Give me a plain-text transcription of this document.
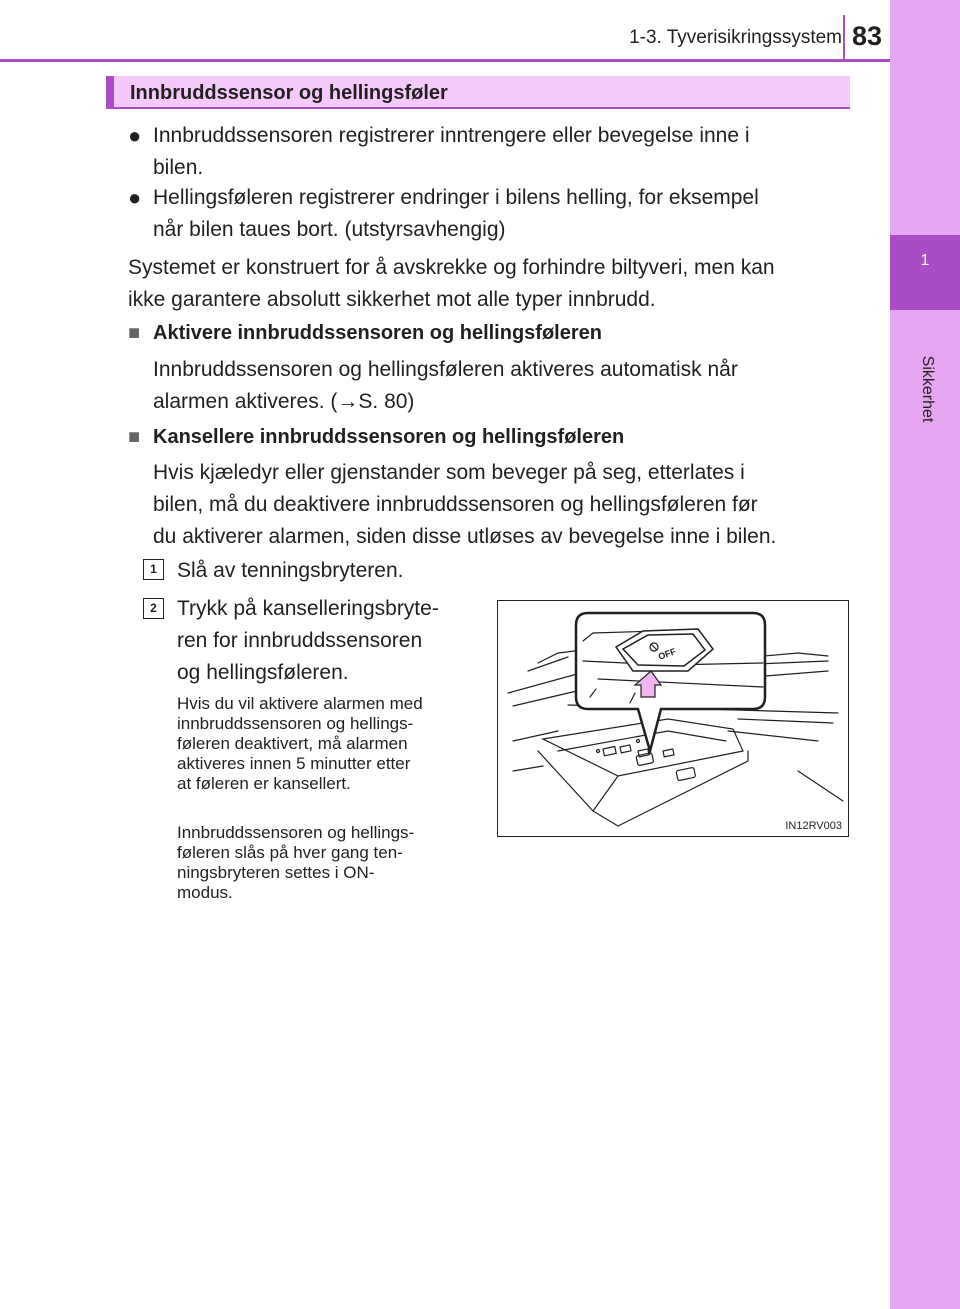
1
Sikkerhet
1-3. Tyverisikringssystem 83
Innbruddssensor og hellingsføler
● Innbruddssensoren registrerer inntrengere eller bevegelse inne i
bilen.

● Hellingsføleren registrerer endringer i bilens helling, for eksempel
når bilen taues bort. (utstyrsavhengig)

Systemet er konstruert for å avskrekke og forhindre biltyveri, men kan
ikke garantere absolutt sikkerhet mot alle typer innbrudd.

■ Aktivere innbruddssensoren og hellingsføleren

Innbruddssensoren og hellingsføleren aktiveres automatisk når
alarmen aktiveres. (→S. 80)

■ Kansellere innbruddssensoren og hellingsføleren

Hvis kjæledyr eller gjenstander som beveger på seg, etterlates i
bilen, må du deaktivere innbruddssensoren og hellingsføleren før
du aktiverer alarmen, siden disse utløses av bevegelse inne i bilen.

1 Slå av tenningsbryteren.

2 Trykk på kanselleringsbryte-
ren for innbruddssensoren
og hellingsføleren.

Hvis du vil aktivere alarmen med
innbruddssensoren og hellings-
føleren deaktivert, må alarmen
aktiveres innen 5 minutter etter
at føleren er kansellert.

Innbruddssensoren og hellings-
føleren slås på hver gang ten-
ningsbryteren settes i ON-
modus.

OFF
IN12RV003
